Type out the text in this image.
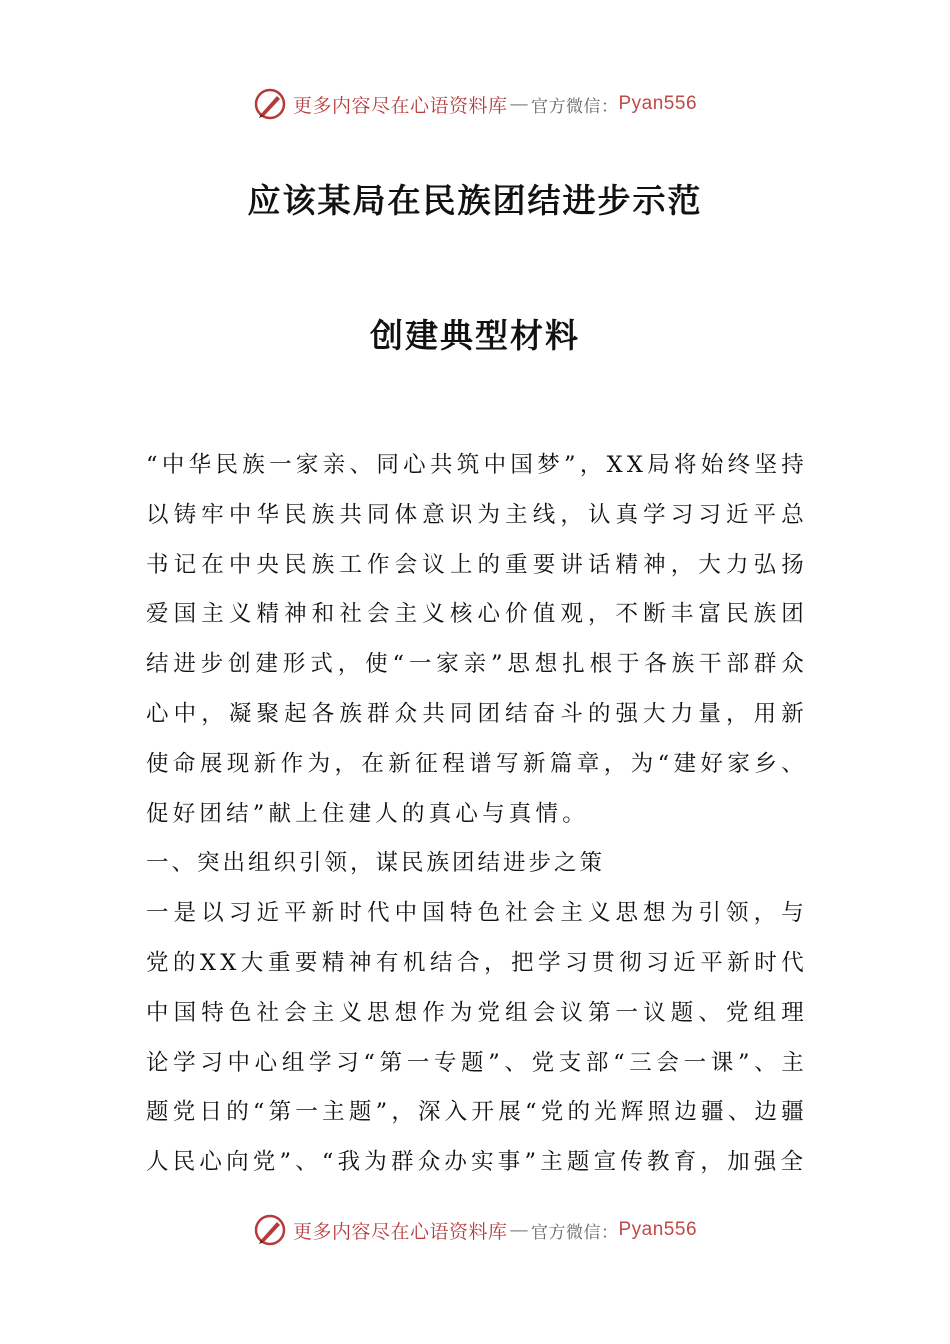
更多内容尽在心语资料库 — 官方微信： Pyan556
应该某局在民族团结进步示范
创建典型材料

“中华民族一家亲、同心共筑中国梦”，XX局将始终坚持以铸牢中华民族共同体意识为主线，认真学习习近平总书记在中央民族工作会议上的重要讲话精神，大力弘扬爱国主义精神和社会主义核心价值观，不断丰富民族团结进步创建形式，使“一家亲”思想扎根于各族干部群众心中，凝聚起各族群众共同团结奋斗的强大力量，用新使命展现新作为，在新征程谱写新篇章，为“建好家乡、促好团结”献上住建人的真心与真情。

一、突出组织引领，谋民族团结进步之策

一是以习近平新时代中国特色社会主义思想为引领，与党的XX大重要精神有机结合，把学习贯彻习近平新时代中国特色社会主义思想作为党组会议第一议题、党组理论学习中心组学习“第一专题”、党支部“三会一课”、主题党日的“第一主题”，深入开展“党的光辉照边疆、边疆人民心向党”、“我为群众办实事”主题宣传教育，加强全

更多内容尽在心语资料库 — 官方微信： Pyan556
